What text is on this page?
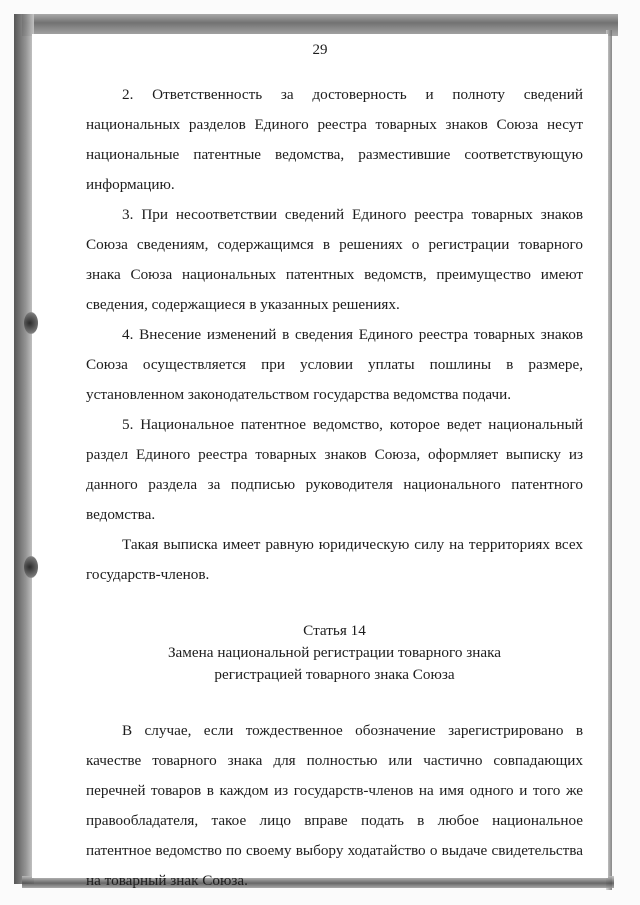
29

2. Ответственность за достоверность и полноту сведений национальных разделов Единого реестра товарных знаков Союза несут национальные патентные ведомства, разместившие соответствующую информацию.

3. При несоответствии сведений Единого реестра товарных знаков Союза сведениям, содержащимся в решениях о регистрации товарного знака Союза национальных патентных ведомств, преимущество имеют сведения, содержащиеся в указанных решениях.

4. Внесение изменений в сведения Единого реестра товарных знаков Союза осуществляется при условии уплаты пошлины в размере, установленном законодательством государства ведомства подачи.

5. Национальное патентное ведомство, которое ведет национальный раздел Единого реестра товарных знаков Союза, оформляет выписку из данного раздела за подписью руководителя национального патентного ведомства.

Такая выписка имеет равную юридическую силу на территориях всех государств-членов.

Статья 14
Замена национальной регистрации товарного знака
регистрацией товарного знака Союза

В случае, если тождественное обозначение зарегистрировано в качестве товарного знака для полностью или частично совпадающих перечней товаров в каждом из государств-членов на имя одного и того же правообладателя, такое лицо вправе подать в любое национальное патентное ведомство по своему выбору ходатайство о выдаче свидетельства на товарный знак Союза.
